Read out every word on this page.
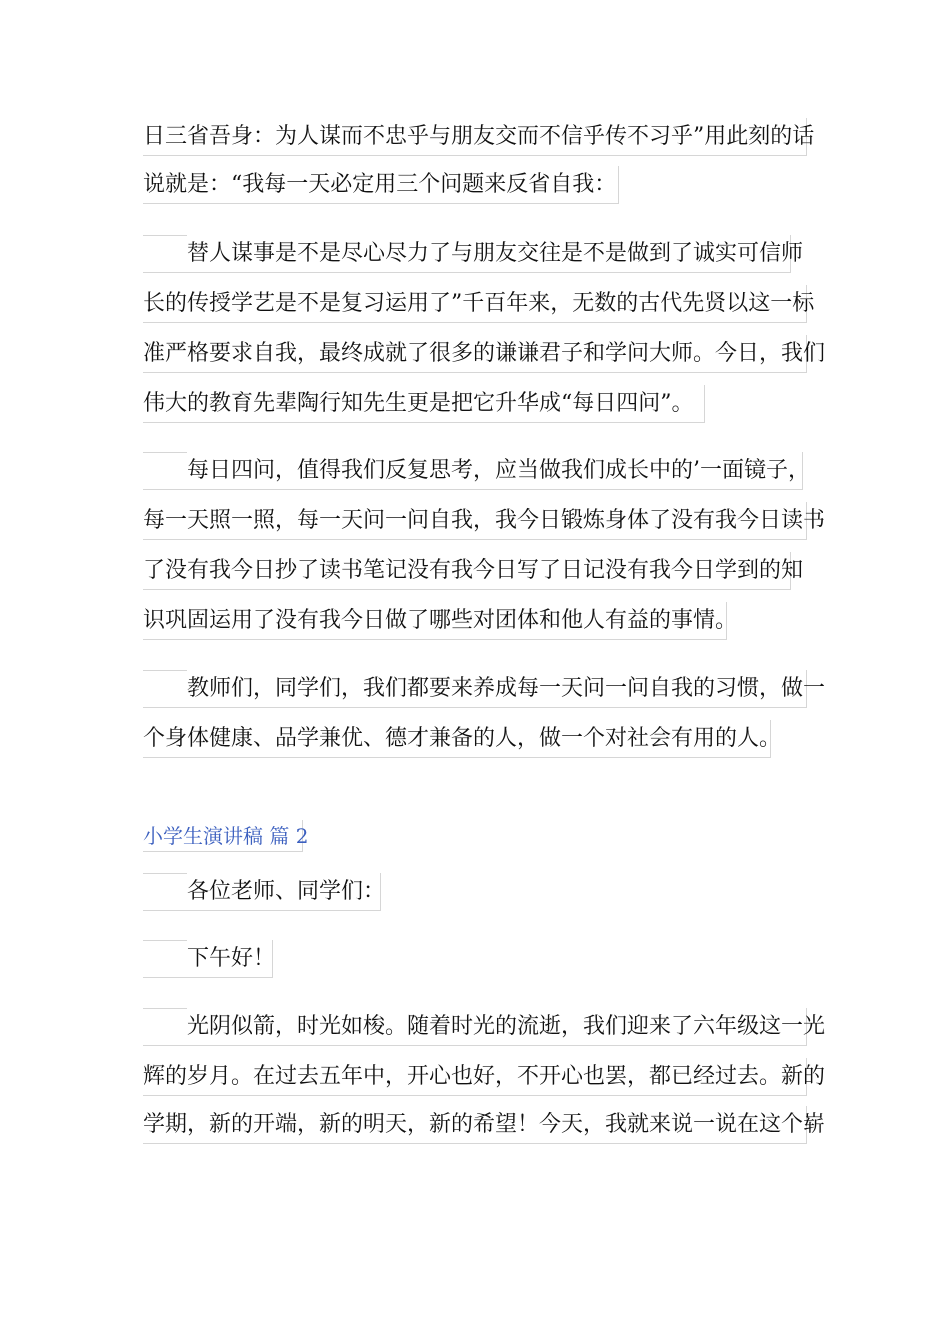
日三省吾身：为人谋而不忠乎与朋友交而不信乎传不习乎”用此刻的话
说就是：“我每一天必定用三个问题来反省自我：
替人谋事是不是尽心尽力了与朋友交往是不是做到了诚实可信师
长的传授学艺是不是复习运用了”千百年来，无数的古代先贤以这一标
准严格要求自我，最终成就了很多的谦谦君子和学问大师。今日，我们
伟大的教育先辈陶行知先生更是把它升华成“每日四问”。
每日四问，值得我们反复思考，应当做我们成长中的’一面镜子，
每一天照一照，每一天问一问自我，我今日锻炼身体了没有我今日读书
了没有我今日抄了读书笔记没有我今日写了日记没有我今日学到的知
识巩固运用了没有我今日做了哪些对团体和他人有益的事情。
教师们，同学们，我们都要来养成每一天问一问自我的习惯，做一
个身体健康、品学兼优、德才兼备的人，做一个对社会有用的人。
小学生演讲稿 篇 2
各位老师、同学们：
下午好！
光阴似箭，时光如梭。随着时光的流逝，我们迎来了六年级这一光
辉的岁月。在过去五年中，开心也好，不开心也罢，都已经过去。新的
学期，新的开端，新的明天，新的希望！今天，我就来说一说在这个崭
